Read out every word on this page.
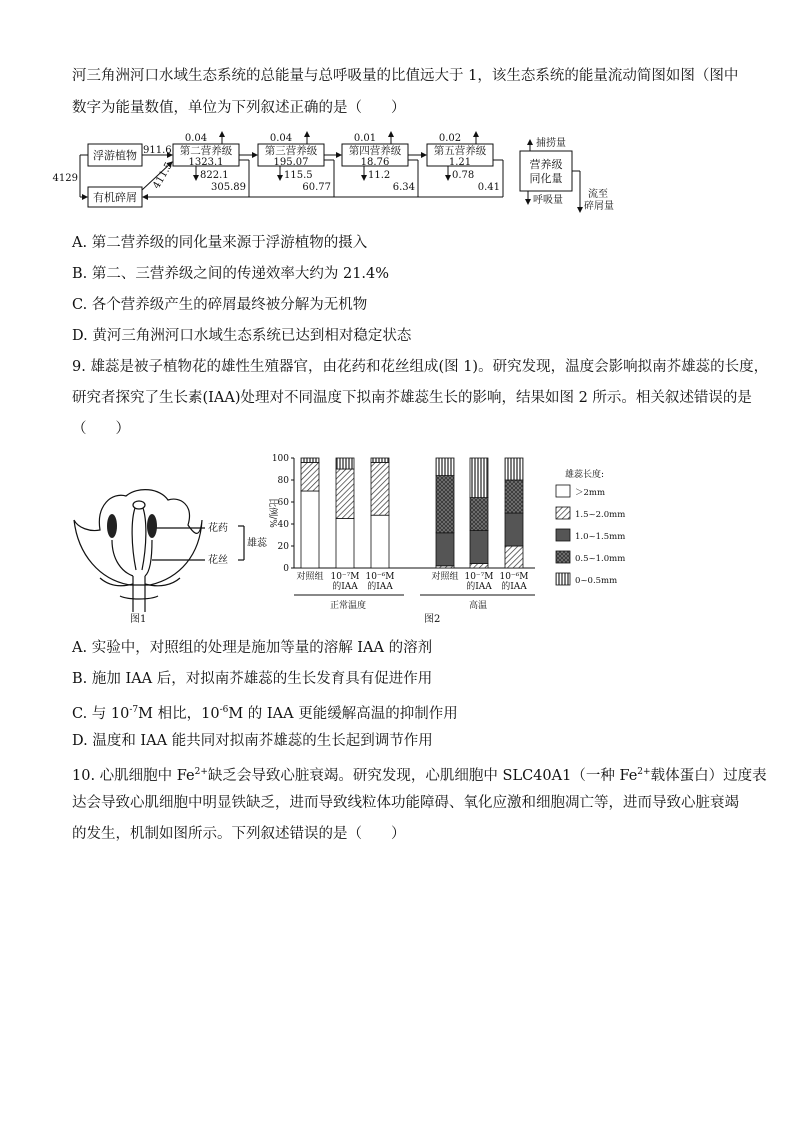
河三角洲河口水域生态系统的总能量与总呼吸量的比值远大于 1，该生态系统的能量流动简图如图（图中
数字为能量数值，单位为下列叙述正确的是（　　）
浮游植物
有机碎屑
第二营养级
1323.1
第三营养级
195.07
第四营养级
18.76
第五营养级
1.21	营养级
同化量
911.6
411.5
4129
0.04	0.04	0.01	0.02
822.1	115.5	11.2	0.78
305.89	60.77	6.34	0.41
捕捞量
呼吸量
流至
碎屑量
A. 第二营养级的同化量来源于浮游植物的摄入
B. 第二、三营养级之间的传递效率大约为 21.4%
C. 各个营养级产生的碎屑最终被分解为无机物
D. 黄河三角洲河口水域生态系统已达到相对稳定状态
9. 雄蕊是被子植物花的雄性生殖器官，由花药和花丝组成(图 1)。研究发现，温度会影响拟南芥雄蕊的长度，
研究者探究了生长素(IAA)处理对不同温度下拟南芥雄蕊生长的影响，结果如图 2 所示。相关叙述错误的是
（　　）
花药
花丝
雄蕊
图1
0
20
40
60
80
100
比例/%
对照组 10⁻⁷M
的IAA
10⁻⁶M
的IAA
对照组 10⁻⁷M
的IAA
10⁻⁶M
的IAA
正常温度	高温
雄蕊长度:
＞2mm
1.5~2.0mm
1.0~1.5mm
0.5~1.0mm
0~0.5mm
图2
A. 实验中，对照组的处理是施加等量的溶解 IAA 的溶剂
B. 施加 IAA 后，对拟南芥雄蕊的生长发育具有促进作用
C. 与 $10^{-7}M$ 相比，$10^{-6}M$ 的 IAA 更能缓解高温的抑制作用
D. 温度和 IAA 能共同对拟南芥雄蕊的生长起到调节作用
10. 心肌细胞中 $Fe^{2+}$缺乏会导致心脏衰竭。研究发现，心肌细胞中 SLC40A1（一种 $Fe^{2+}$载体蛋白）过度表
达会导致心肌细胞中明显铁缺乏，进而导致线粒体功能障碍、氧化应激和细胞凋亡等，进而导致心脏衰竭
的发生，机制如图所示。下列叙述错误的是（　　）
